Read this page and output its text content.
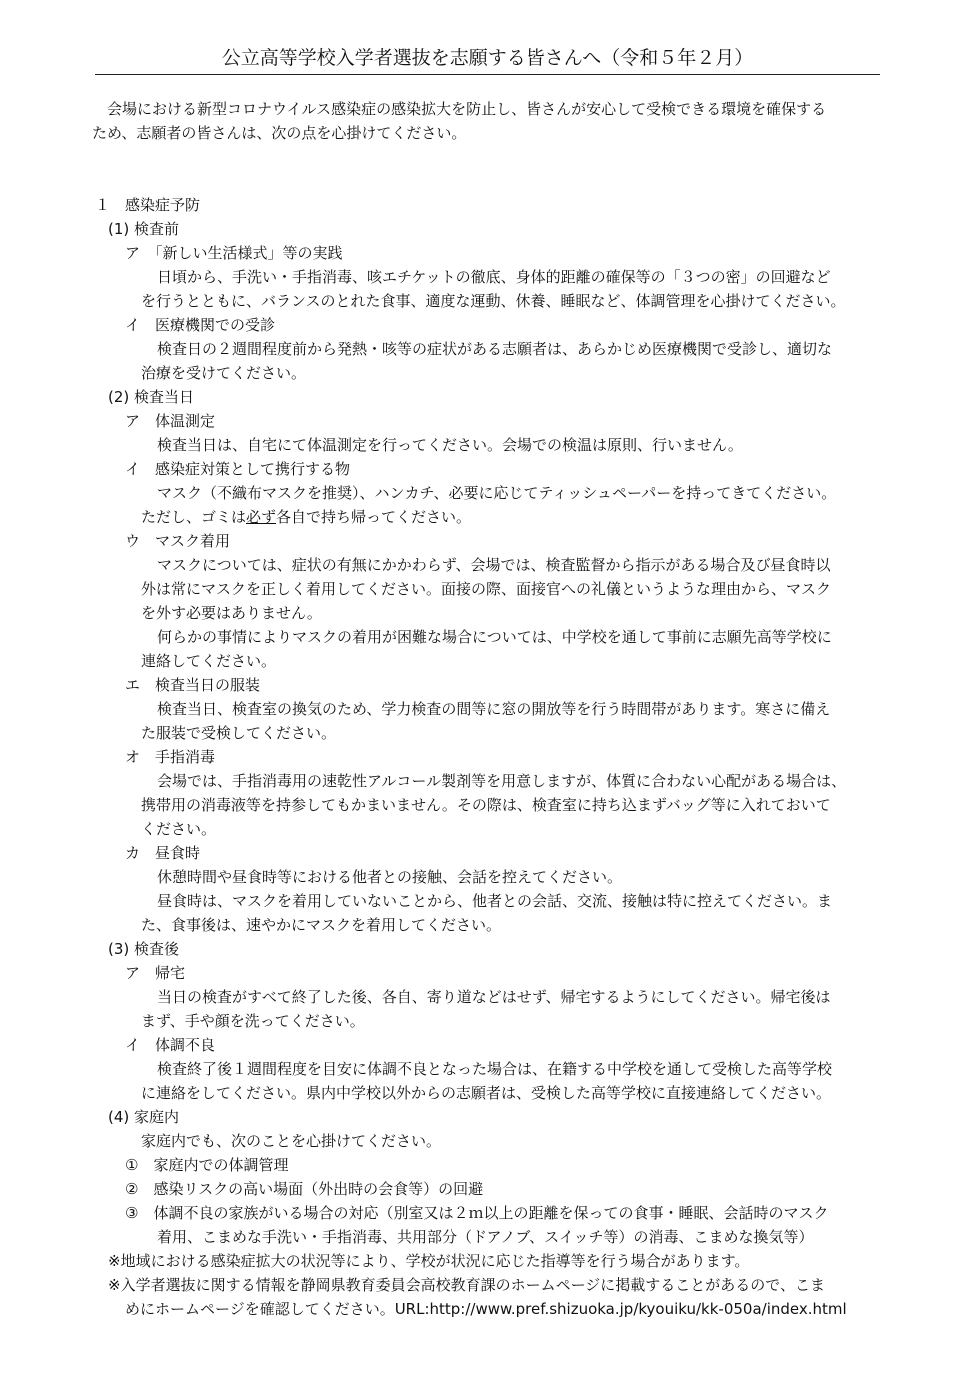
公立高等学校入学者選抜を志願する皆さんへ（令和５年２月）

　会場における新型コロナウイルス感染症の感染拡大を防止し、皆さんが安心して受検できる環境を確保する

ため、志願者の皆さんは、次の点を心掛けてください。

１　感染症予防

(1) 検査前

ア　「新しい生活様式」等の実践

日頃から、手洗い・手指消毒、咳エチケットの徹底、身体的距離の確保等の「３つの密」の回避など

を行うとともに、バランスのとれた食事、適度な運動、休養、睡眠など、体調管理を心掛けてください。

イ　医療機関での受診

検査日の２週間程度前から発熱・咳等の症状がある志願者は、あらかじめ医療機関で受診し、適切な

治療を受けてください。

(2) 検査当日

ア　体温測定

検査当日は、自宅にて体温測定を行ってください。会場での検温は原則、行いません。

イ　感染症対策として携行する物

マスク（不織布マスクを推奨）、ハンカチ、必要に応じてティッシュペーパーを持ってきてください。

ただし、ゴミは必ず各自で持ち帰ってください。

ウ　マスク着用

マスクについては、症状の有無にかかわらず、会場では、検査監督から指示がある場合及び昼食時以

外は常にマスクを正しく着用してください。面接の際、面接官への礼儀というような理由から、マスク

を外す必要はありません。

何らかの事情によりマスクの着用が困難な場合については、中学校を通して事前に志願先高等学校に

連絡してください。

エ　検査当日の服装

検査当日、検査室の換気のため、学力検査の間等に窓の開放等を行う時間帯があります。寒さに備え

た服装で受検してください。

オ　手指消毒

会場では、手指消毒用の速乾性アルコール製剤等を用意しますが、体質に合わない心配がある場合は、

携帯用の消毒液等を持参してもかまいません。その際は、検査室に持ち込まずバッグ等に入れておいて

ください。

カ　昼食時

休憩時間や昼食時等における他者との接触、会話を控えてください。

昼食時は、マスクを着用していないことから、他者との会話、交流、接触は特に控えてください。ま

た、食事後は、速やかにマスクを着用してください。

(3) 検査後

ア　帰宅

当日の検査がすべて終了した後、各自、寄り道などはせず、帰宅するようにしてください。帰宅後は

まず、手や顔を洗ってください。

イ　体調不良

検査終了後１週間程度を目安に体調不良となった場合は、在籍する中学校を通して受検した高等学校

に連絡をしてください。県内中学校以外からの志願者は、受検した高等学校に直接連絡してください。

(4) 家庭内

家庭内でも、次のことを心掛けてください。

①　家庭内での体調管理

②　感染リスクの高い場面（外出時の会食等）の回避

③　体調不良の家族がいる場合の対応（別室又は２ｍ以上の距離を保っての食事・睡眠、会話時のマスク

着用、こまめな手洗い・手指消毒、共用部分（ドアノブ、スイッチ等）の消毒、こまめな換気等）

※地域における感染症拡大の状況等により、学校が状況に応じた指導等を行う場合があります。

※入学者選抜に関する情報を静岡県教育委員会高校教育課のホームページに掲載することがあるので、こま

めにホームページを確認してください。URL:http://www.pref.shizuoka.jp/kyouiku/kk-050a/index.html
